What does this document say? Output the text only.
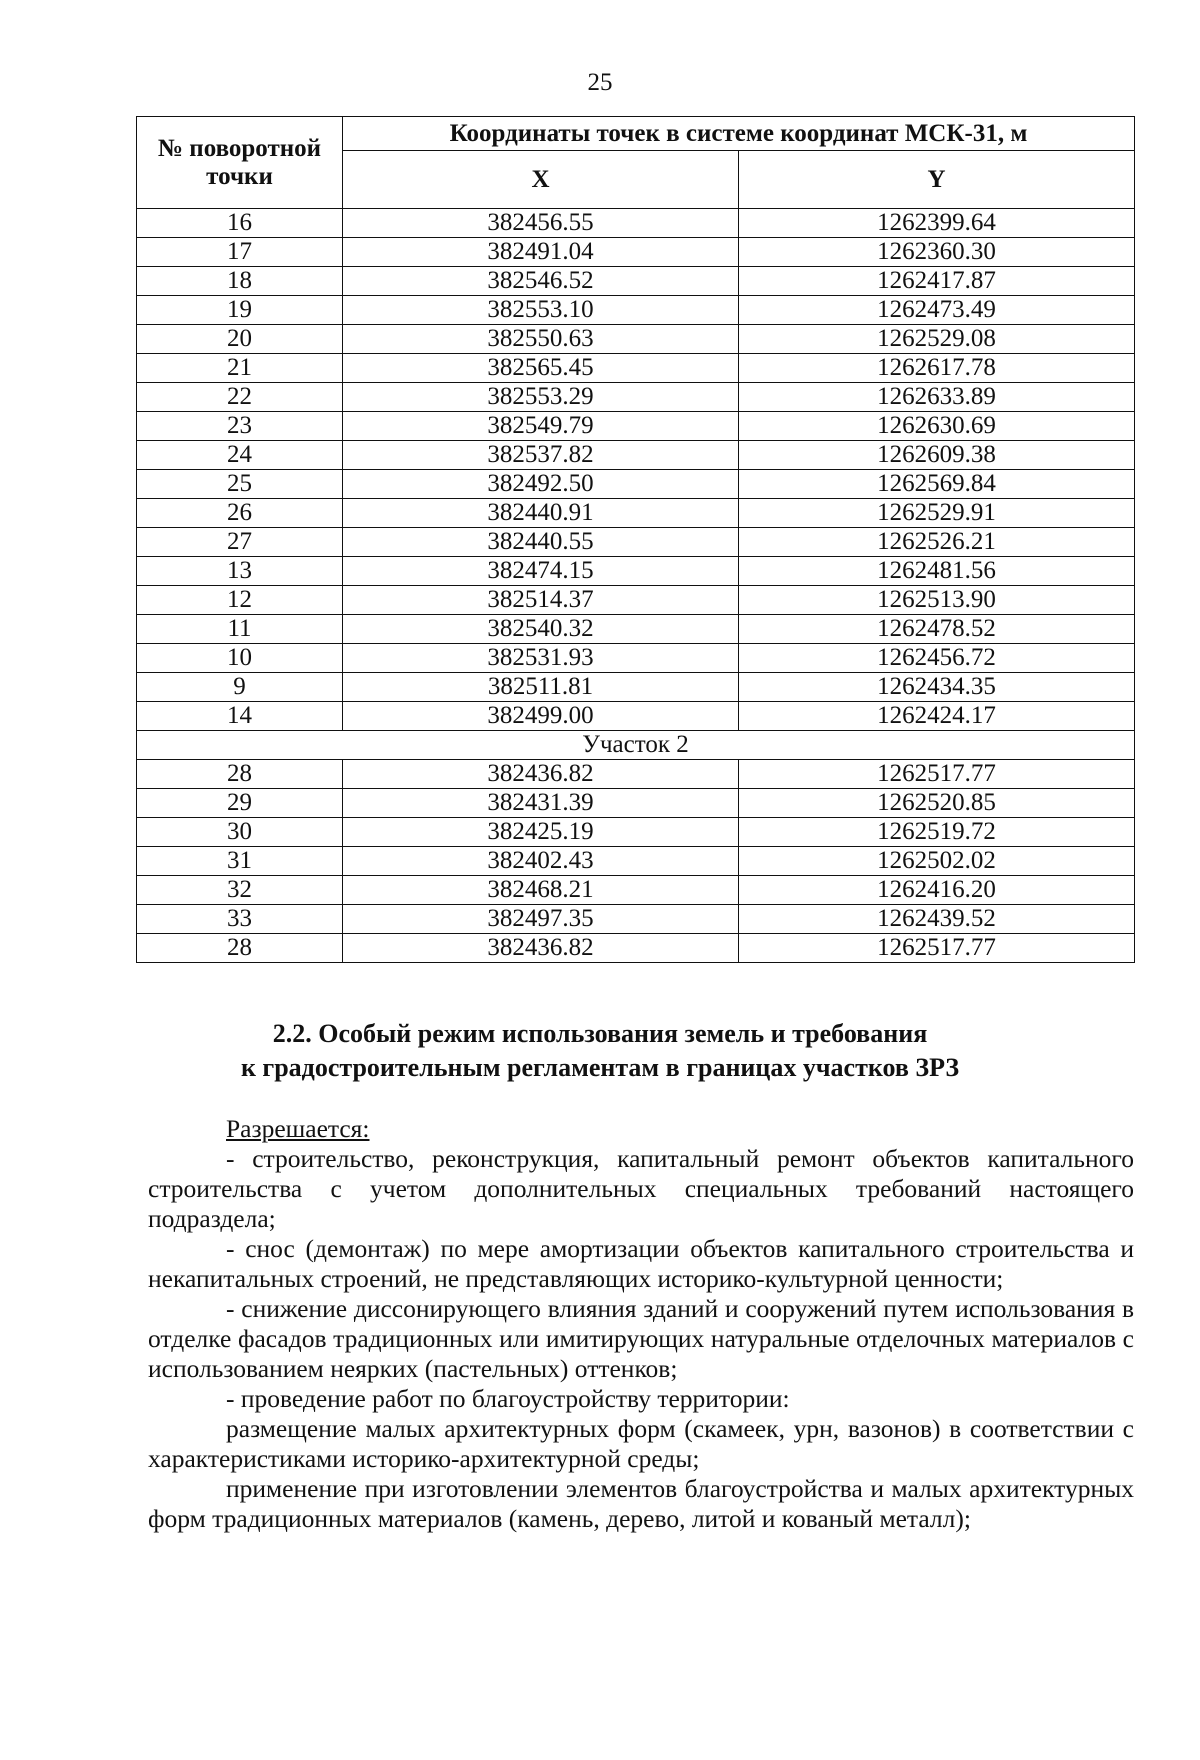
25
№ поворотной точки	Координаты точек в системе координат МСК-31, м	
	X	Y
16	382456.55	1262399.64
17	382491.04	1262360.30
18	382546.52	1262417.87
19	382553.10	1262473.49
20	382550.63	1262529.08
21	382565.45	1262617.78
22	382553.29	1262633.89
23	382549.79	1262630.69
24	382537.82	1262609.38
25	382492.50	1262569.84
26	382440.91	1262529.91
27	382440.55	1262526.21
13	382474.15	1262481.56
12	382514.37	1262513.90
11	382540.32	1262478.52
10	382531.93	1262456.72
9	382511.81	1262434.35
14	382499.00	1262424.17
Участок 2		
28	382436.82	1262517.77
29	382431.39	1262520.85
30	382425.19	1262519.72
31	382402.43	1262502.02
32	382468.21	1262416.20
33	382497.35	1262439.52
28	382436.82	1262517.77
2.2. Особый режим использования земель и требования
к градостроительным регламентам в границах участков ЗРЗ

Разрешается:

- строительство, реконструкция, капитальный ремонт объектов капитального строительства с учетом дополнительных специальных требований настоящего подраздела;

- снос (демонтаж) по мере амортизации объектов капитального строительства и некапитальных строений, не представляющих историко-культурной ценности;

- снижение диссонирующего влияния зданий и сооружений путем использования в отделке фасадов традиционных или имитирующих натуральные отделочных материалов с использованием неярких (пастельных) оттенков;

- проведение работ по благоустройству территории:

размещение малых архитектурных форм (скамеек, урн, вазонов) в соответствии с характеристиками историко-архитектурной среды;

применение при изготовлении элементов благоустройства и малых архитектурных форм традиционных материалов (камень, дерево, литой и кованый металл);
